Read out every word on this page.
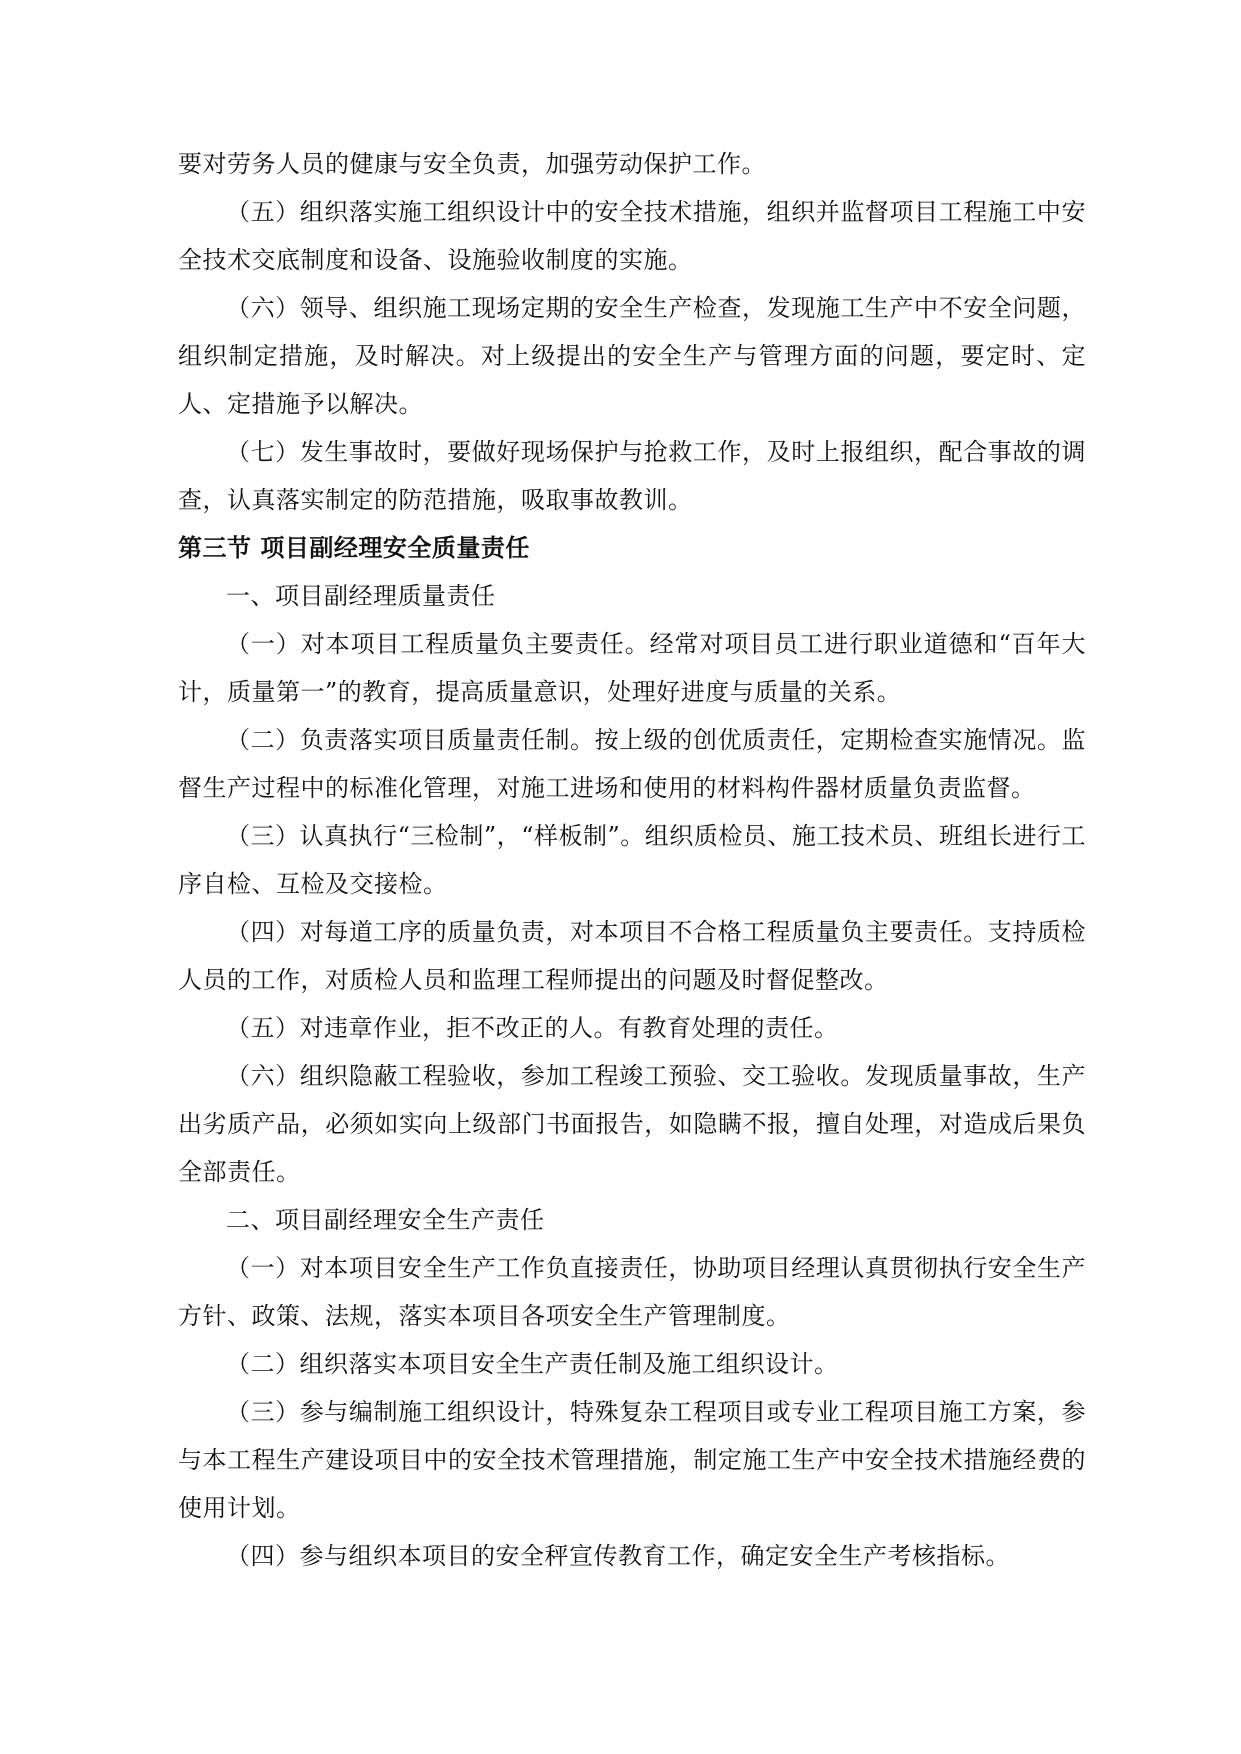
要对劳务人员的健康与安全负责，加强劳动保护工作。

（五）组织落实施工组织设计中的安全技术措施，组织并监督项目工程施工中安全技术交底制度和设备、设施验收制度的实施。

（六）领导、组织施工现场定期的安全生产检查，发现施工生产中不安全问题，组织制定措施，及时解决。对上级提出的安全生产与管理方面的问题，要定时、定人、定措施予以解决。

（七）发生事故时，要做好现场保护与抢救工作，及时上报组织，配合事故的调查，认真落实制定的防范措施，吸取事故教训。

第三节 项目副经理安全质量责任

一、项目副经理质量责任

（一）对本项目工程质量负主要责任。经常对项目员工进行职业道德和“百年大计，质量第一”的教育，提高质量意识，处理好进度与质量的关系。

（二）负责落实项目质量责任制。按上级的创优质责任，定期检查实施情况。监督生产过程中的标准化管理，对施工进场和使用的材料构件器材质量负责监督。

（三）认真执行“三检制”，“样板制”。组织质检员、施工技术员、班组长进行工序自检、互检及交接检。

（四）对每道工序的质量负责，对本项目不合格工程质量负主要责任。支持质检人员的工作，对质检人员和监理工程师提出的问题及时督促整改。

（五）对违章作业，拒不改正的人。有教育处理的责任。

（六）组织隐蔽工程验收，参加工程竣工预验、交工验收。发现质量事故，生产出劣质产品，必须如实向上级部门书面报告，如隐瞒不报，擅自处理，对造成后果负全部责任。

二、项目副经理安全生产责任

（一）对本项目安全生产工作负直接责任，协助项目经理认真贯彻执行安全生产方针、政策、法规，落实本项目各项安全生产管理制度。

（二）组织落实本项目安全生产责任制及施工组织设计。

（三）参与编制施工组织设计，特殊复杂工程项目或专业工程项目施工方案，参与本工程生产建设项目中的安全技术管理措施，制定施工生产中安全技术措施经费的使用计划。

（四）参与组织本项目的安全秤宣传教育工作，确定安全生产考核指标。
